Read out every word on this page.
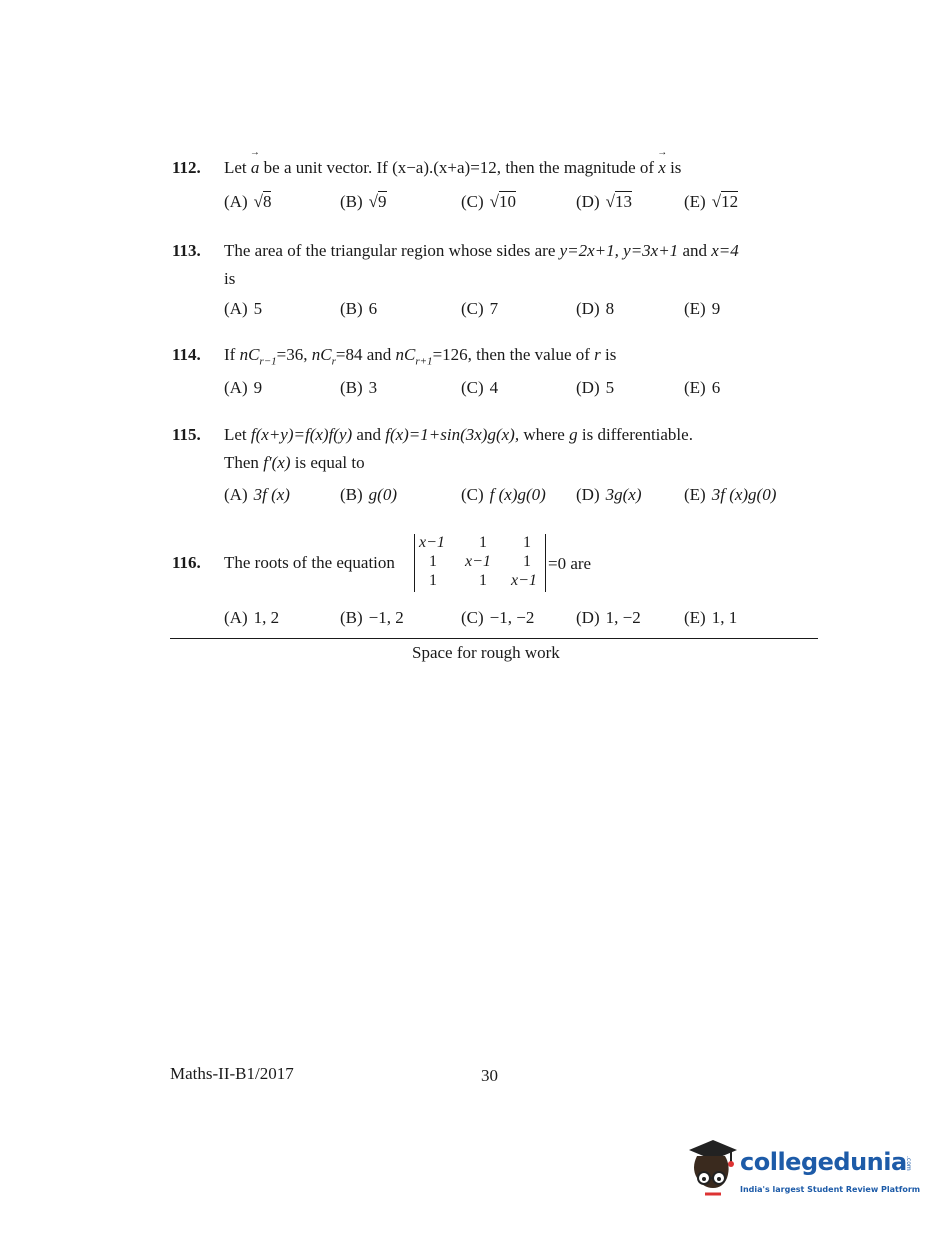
112. Let → a be a unit vector. If (x−a).(x+a)=12, then the magnitude of → x is
(A) √8	(B) √9	(C) √10	(D) √13	(E) √12
113. The area of the triangular region whose sides are y=2x+1, y=3x+1 and x=4
is
(A) 5	(B) 6	(C) 7	(D) 8	(E) 9
114. If $nC_{r-1}=36$, $nC_r=84$ and $nC_{r+1}=126$, then the value of r is
(A) 9	(B) 3	(C) 4	(D) 5	(E) 6
115. Let f(x+y)=f(x)f(y) and f(x)=1+sin(3x)g(x), where g is differentiable.
Then f′(x) is equal to
(A) 3f (x)	(B) g(0)	(C) f (x)g(0) (D) 3g(x)	(E) 3f (x)g(0)
116. The roots of the equation
(A) 1, 2	(B) −1, 2	(C) −1, −2 (D) 1, −2	(E) 1, 1
x−1 1 1
1 x−1 1
1	1 x−1
=0 are
Space for rough work
Maths-II-B1/2017	30
collegedunia
.com
India's largest Student Review Platform
